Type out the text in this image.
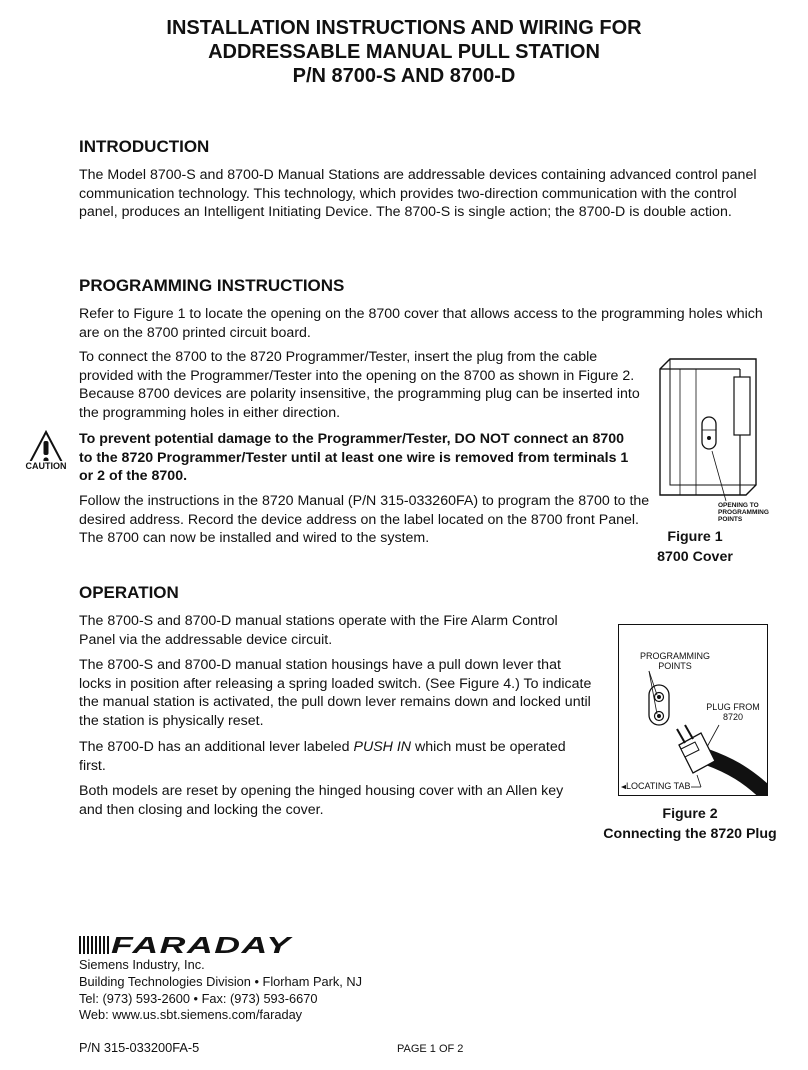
INSTALLATION INSTRUCTIONS AND WIRING FOR
ADDRESSABLE MANUAL PULL STATION
P/N 8700-S AND 8700-D
INTRODUCTION

The Model 8700-S and 8700-D Manual Stations are addressable devices containing advanced control panel communication technology. This technology, which provides two-direction communication with the control panel, produces an Intelligent Initiating Device. The 8700-S is single action; the 8700-D is double action.

PROGRAMMING INSTRUCTIONS

Refer to Figure 1 to locate the opening on the 8700 cover that allows access to the programming holes which are on the 8700 printed circuit board.

To connect the 8700 to the 8720 Programmer/Tester, insert the plug from the cable provided with the Programmer/Tester into the opening on the 8700 as shown in Figure 2. Because 8700 devices are polarity insensitive, the programming plug can be inserted into the programming holes in either direction.

CAUTION

To prevent potential damage to the Programmer/Tester, DO NOT connect an 8700 to the 8720 Programmer/Tester until at least one wire is removed from terminals 1 or 2 of the 8700.

Follow the instructions in the 8720 Manual (P/N 315-033260FA) to program the 8700 to the desired address. Record the device address on the label located on the 8700 front Panel. The 8700 can now be installed and wired to the system.

OPENING TO
PROGRAMMING
POINTS
Figure 1
8700 Cover
OPERATION

The 8700-S and 8700-D manual stations operate with the Fire Alarm Control Panel via the addressable device circuit.

The 8700-S and 8700-D manual station housings have a pull down lever that locks in position after releasing a spring loaded switch. (See Figure 4.) To indicate the manual station is activated, the pull down lever remains down and locked until the station is physically reset.

The 8700-D has an additional lever labeled PUSH IN which must be operated first.

Both models are reset by opening the hinged housing cover with an Allen key and then closing and locking the cover.

PROGRAMMING
POINTS
PLUG FROM
8720
LOCATING TAB
Figure 2
Connecting the 8720 Plug
FARADAY
Siemens Industry, Inc.
Building Technologies Division • Florham Park, NJ
Tel: (973) 593-2600 • Fax: (973) 593-6670
Web: www.us.sbt.siemens.com/faraday
P/N 315-033200FA-5	PAGE 1 OF 2
